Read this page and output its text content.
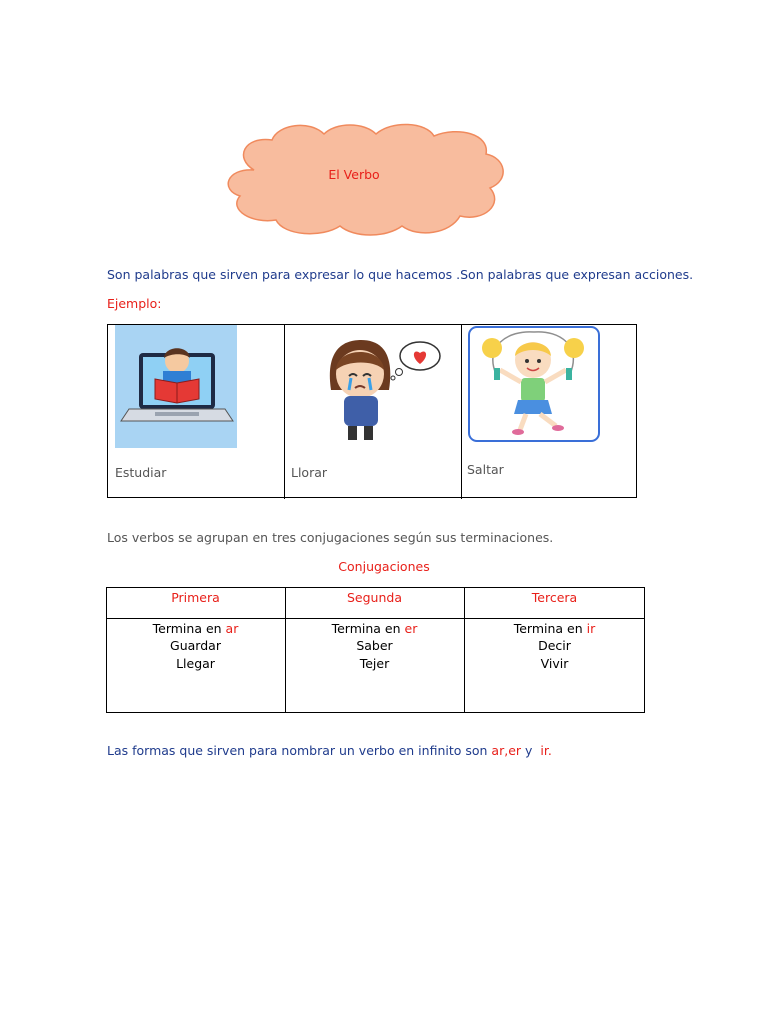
El Verbo
Son palabras que sirven para expresar lo que hacemos .Son palabras que expresan acciones.
Ejemplo:
Estudiar	Llorar	Saltar
Los verbos se agrupan en tres conjugaciones según sus terminaciones.
Conjugaciones
Primera
Termina en ar
Guardar
Llegar
Segunda
Termina en er
Saber
Tejer
Tercera
Termina en ir
Decir
Vivir
Las formas que sirven para nombrar un verbo en infinito son ar,er y  ir.
